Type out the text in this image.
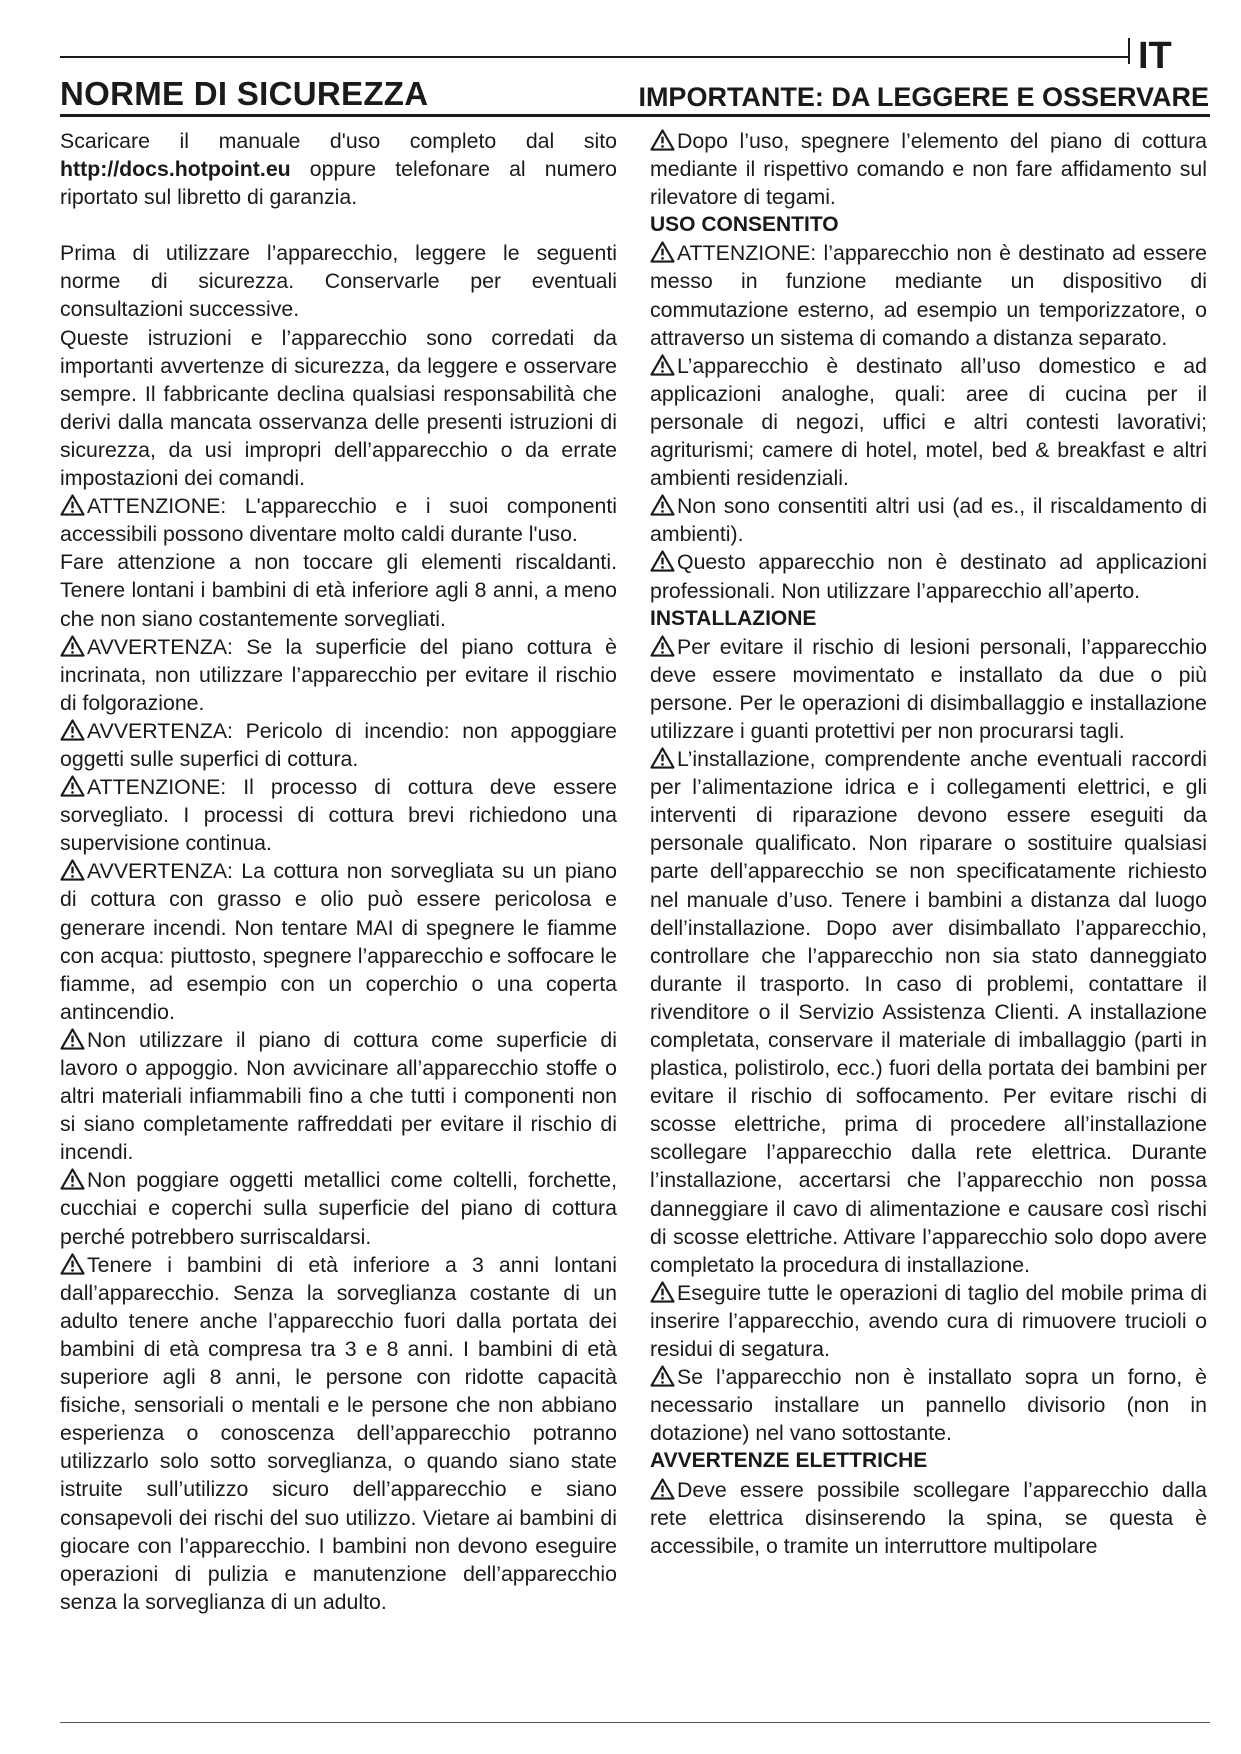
IT
NORME DI SICUREZZA	IMPORTANTE: DA LEGGERE E OSSERVARE

Scaricare il manuale d'uso completo dal sito http://docs.hotpoint.eu oppure telefonare al numero riportato sul libretto di garanzia.

Prima di utilizzare l’apparecchio, leggere le seguenti norme di sicurezza. Conservarle per eventuali consultazioni successive.

Queste istruzioni e l’apparecchio sono corredati da importanti avvertenze di sicurezza, da leggere e osservare sempre. Il fabbricante declina qualsiasi responsabilità che derivi dalla mancata osservanza delle presenti istruzioni di sicurezza, da usi impropri dell’apparecchio o da errate impostazioni dei comandi.

ATTENZIONE: L'apparecchio e i suoi componenti accessibili possono diventare molto caldi durante l'uso.

Fare attenzione a non toccare gli elementi riscaldanti. Tenere lontani i bambini di età inferiore agli 8 anni, a meno che non siano costantemente sorvegliati.

AVVERTENZA: Se la superficie del piano cottura è incrinata, non utilizzare l’apparecchio per evitare il rischio di folgorazione.

AVVERTENZA: Pericolo di incendio: non appoggiare oggetti sulle superfici di cottura.

ATTENZIONE: Il processo di cottura deve essere sorvegliato. I processi di cottura brevi richiedono una supervisione continua.

AVVERTENZA: La cottura non sorvegliata su un piano di cottura con grasso e olio può essere pericolosa e generare incendi. Non tentare MAI di spegnere le fiamme con acqua: piuttosto, spegnere l’apparecchio e soffocare le fiamme, ad esempio con un coperchio o una coperta antincendio.

Non utilizzare il piano di cottura come superficie di lavoro o appoggio. Non avvicinare all’apparecchio stoffe o altri materiali infiammabili fino a che tutti i componenti non si siano completamente raffreddati per evitare il rischio di incendi.

Non poggiare oggetti metallici come coltelli, forchette, cucchiai e coperchi sulla superficie del piano di cottura perché potrebbero surriscaldarsi.

Tenere i bambini di età inferiore a 3 anni lontani dall’apparecchio. Senza la sorveglianza costante di un adulto tenere anche l’apparecchio fuori dalla portata dei bambini di età compresa tra 3 e 8 anni. I bambini di età superiore agli 8 anni, le persone con ridotte capacità fisiche, sensoriali o mentali e le persone che non abbiano esperienza o conoscenza dell’apparecchio potranno utilizzarlo solo sotto sorveglianza, o quando siano state istruite sull’utilizzo sicuro dell’apparecchio e siano consapevoli dei rischi del suo utilizzo. Vietare ai bambini di giocare con l’apparecchio. I bambini non devono eseguire operazioni di pulizia e manutenzione dell’apparecchio senza la sorveglianza di un adulto.

Dopo l’uso, spegnere l’elemento del piano di cottura mediante il rispettivo comando e non fare affidamento sul rilevatore di tegami.

USO CONSENTITO

ATTENZIONE: l’apparecchio non è destinato ad essere messo in funzione mediante un dispositivo di commutazione esterno, ad esempio un temporizzatore, o attraverso un sistema di comando a distanza separato.

L’apparecchio è destinato all’uso domestico e ad applicazioni analoghe, quali: aree di cucina per il personale di negozi, uffici e altri contesti lavorativi; agriturismi; camere di hotel, motel, bed & breakfast e altri ambienti residenziali.

Non sono consentiti altri usi (ad es., il riscaldamento di ambienti).

Questo apparecchio non è destinato ad applicazioni professionali. Non utilizzare l’apparecchio all’aperto.

INSTALLAZIONE

Per evitare il rischio di lesioni personali, l’apparecchio deve essere movimentato e installato da due o più persone. Per le operazioni di disimballaggio e installazione utilizzare i guanti protettivi per non procurarsi tagli.

L’installazione, comprendente anche eventuali raccordi per l’alimentazione idrica e i collegamenti elettrici, e gli interventi di riparazione devono essere eseguiti da personale qualificato. Non riparare o sostituire qualsiasi parte dell’apparecchio se non specificatamente richiesto nel manuale d’uso. Tenere i bambini a distanza dal luogo dell’installazione. Dopo aver disimballato l’apparecchio, controllare che l’apparecchio non sia stato danneggiato durante il trasporto. In caso di problemi, contattare il rivenditore o il Servizio Assistenza Clienti. A installazione completata, conservare il materiale di imballaggio (parti in plastica, polistirolo, ecc.) fuori della portata dei bambini per evitare il rischio di soffocamento. Per evitare rischi di scosse elettriche, prima di procedere all’installazione scollegare l’apparecchio dalla rete elettrica. Durante l’installazione, accertarsi che l’apparecchio non possa danneggiare il cavo di alimentazione e causare così rischi di scosse elettriche. Attivare l’apparecchio solo dopo avere completato la procedura di installazione.

Eseguire tutte le operazioni di taglio del mobile prima di inserire l’apparecchio, avendo cura di rimuovere trucioli o residui di segatura.

Se l’apparecchio non è installato sopra un forno, è necessario installare un pannello divisorio (non in dotazione) nel vano sottostante.

AVVERTENZE ELETTRICHE

Deve essere possibile scollegare l’apparecchio dalla rete elettrica disinserendo la spina, se questa è accessibile, o tramite un interruttore multipolare
